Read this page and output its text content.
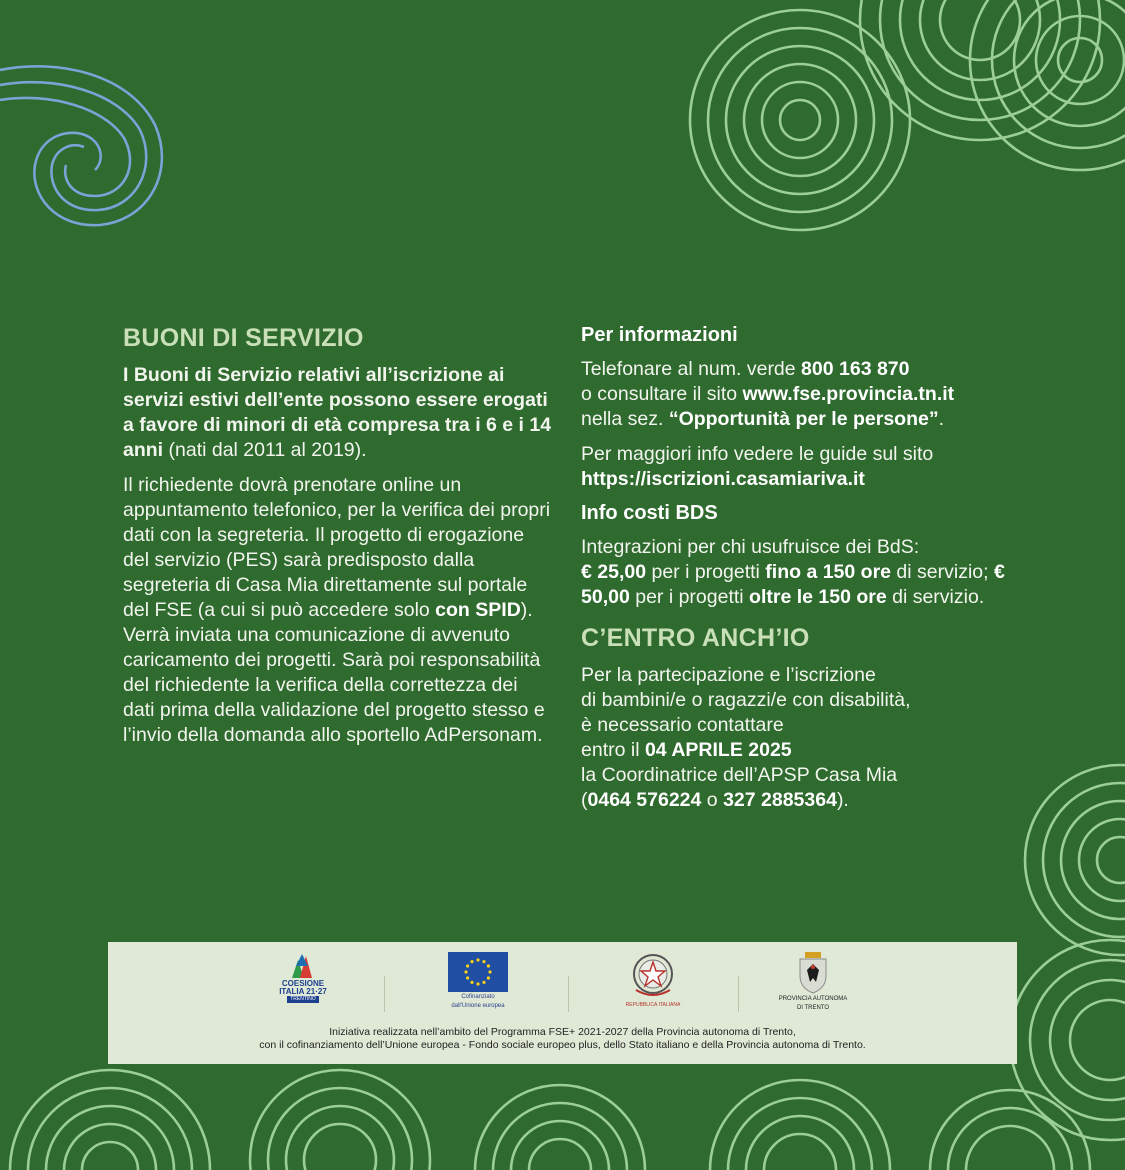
BUONI DI SERVIZIO

I Buoni di Servizio relativi all’iscrizione ai servizi estivi dell’ente possono essere erogati a favore di minori di età compresa tra i 6 e i 14 anni (nati dal 2011 al 2019).

Il richiedente dovrà prenotare online un appuntamento telefonico, per la verifica dei propri dati con la segreteria. Il progetto di erogazione del servizio (PES) sarà predisposto dalla segreteria di Casa Mia direttamente sul portale del FSE (a cui si può accedere solo con SPID). Verrà inviata una comunicazione di avvenuto caricamento dei progetti. Sarà poi responsabilità del richiedente la verifica della correttezza dei dati prima della validazione del progetto stesso e l’invio della domanda allo sportello AdPersonam.

Per informazioni

Telefonare al num. verde 800 163 870
o consultare il sito www.fse.provincia.tn.it
nella sez. “Opportunità per le persone”.

Per maggiori info vedere le guide sul sito
https://iscrizioni.casamiariva.it

Info costi BDS

Integrazioni per chi usufruisce dei BdS:
€ 25,00 per i progetti fino a 150 ore di servizio; € 50,00 per i progetti oltre le 150 ore di servizio.

C’ENTRO ANCH’IO

Per la partecipazione e l’iscrizione
di bambini/e o ragazzi/e con disabilità,
è necessario contattare
entro il 04 APRILE 2025
la Coordinatrice dell’APSP Casa Mia
(0464 576224 o 327 2885364).

COESIONE
ITALIA 21·27
TRENTINO	Cofinanziato
dall'Unione europea	REPUBBLICA ITALIANA
PROVINCIA AUTONOMA
DI TRENTO
Iniziativa realizzata nell’ambito del Programma FSE+ 2021-2027 della Provincia autonoma di Trento,
con il cofinanziamento dell’Unione europea - Fondo sociale europeo plus, dello Stato italiano e della Provincia autonoma di Trento.
